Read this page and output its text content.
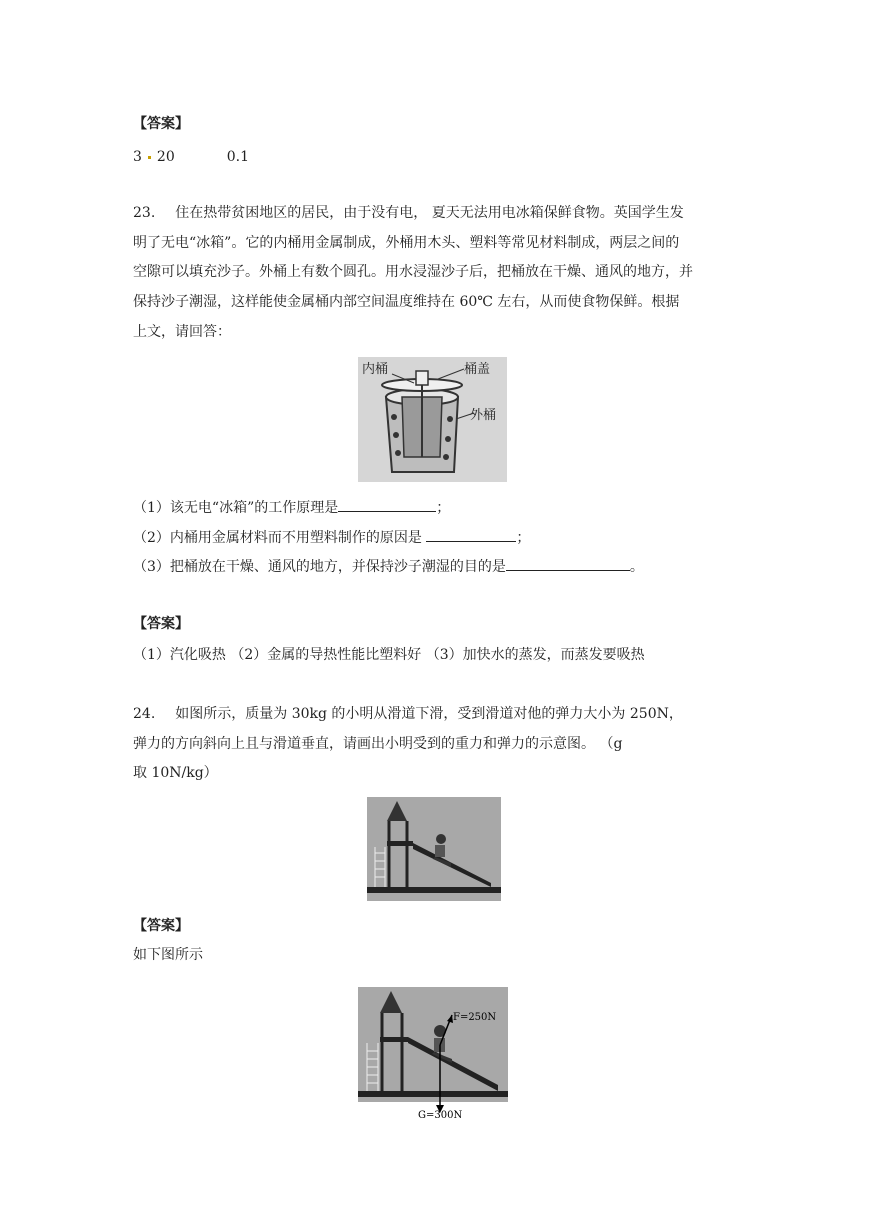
【答案】
3 20	0.1
23. 住在热带贫困地区的居民，由于没有电， 夏天无法用电冰箱保鲜食物。英国学生发
明了无电“冰箱”。它的内桶用金属制成，外桶用木头、塑料等常见材料制成，两层之间的
空隙可以填充沙子。外桶上有数个圆孔。用水浸湿沙子后，把桶放在干燥、通风的地方，并
保持沙子潮湿，这样能使金属桶内部空间温度维持在 60℃ 左右，从而使食物保鲜。根据
上文，请回答：
内桶	桶盖
外桶
（1）该无电“冰箱”的工作原理是	；
（2）内桶用金属材料而不用塑料制作的原因是	；
（3）把桶放在干燥、通风的地方，并保持沙子潮湿的目的是	。
【答案】
（1）汽化吸热 （2）金属的导热性能比塑料好 （3）加快水的蒸发，而蒸发要吸热
24. 如图所示，质量为 30kg 的小明从滑道下滑，受到滑道对他的弹力大小为 250N，
弹力的方向斜向上且与滑道垂直，请画出小明受到的重力和弹力的示意图。 （g
取 10N/kg）
【答案】
如下图所示
F=250N
G=300N
